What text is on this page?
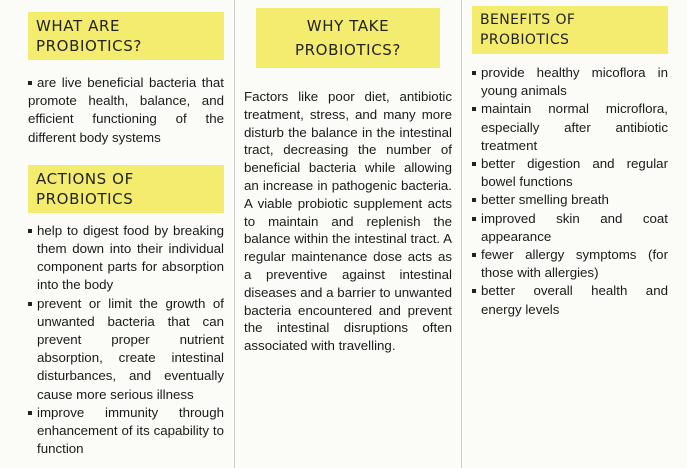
WHAT ARE PROBIOTICS?
are live beneficial bacteria that promote health, balance, and efficient functioning of the different body systems
ACTIONS OF PROBIOTICS
help to digest food by breaking them down into their individual component parts for absorption into the body
prevent or limit the growth of unwanted bacteria that can prevent proper nutrient absorption, create intestinal disturbances, and eventually cause more serious illness
improve immunity through enhancement of its capability to function
WHY TAKE PROBIOTICS?
Factors like poor diet, antibiotic treatment, stress, and many more disturb the balance in the intestinal tract, decreasing the number of beneficial bacteria while allowing an increase in pathogenic bacteria. A viable probiotic supplement acts to maintain and replenish the balance within the intestinal tract. A regular maintenance dose acts as a preventive against intestinal diseases and a barrier to unwanted bacteria encountered and prevent the intestinal disruptions often associated with travelling.
BENEFITS OF PROBIOTICS
provide healthy micoflora in young animals
maintain normal microflora, especially after antibiotic treatment
better digestion and regular bowel functions
better smelling breath
improved skin and coat appearance
fewer allergy symptoms (for those with allergies)
better overall health and energy levels
